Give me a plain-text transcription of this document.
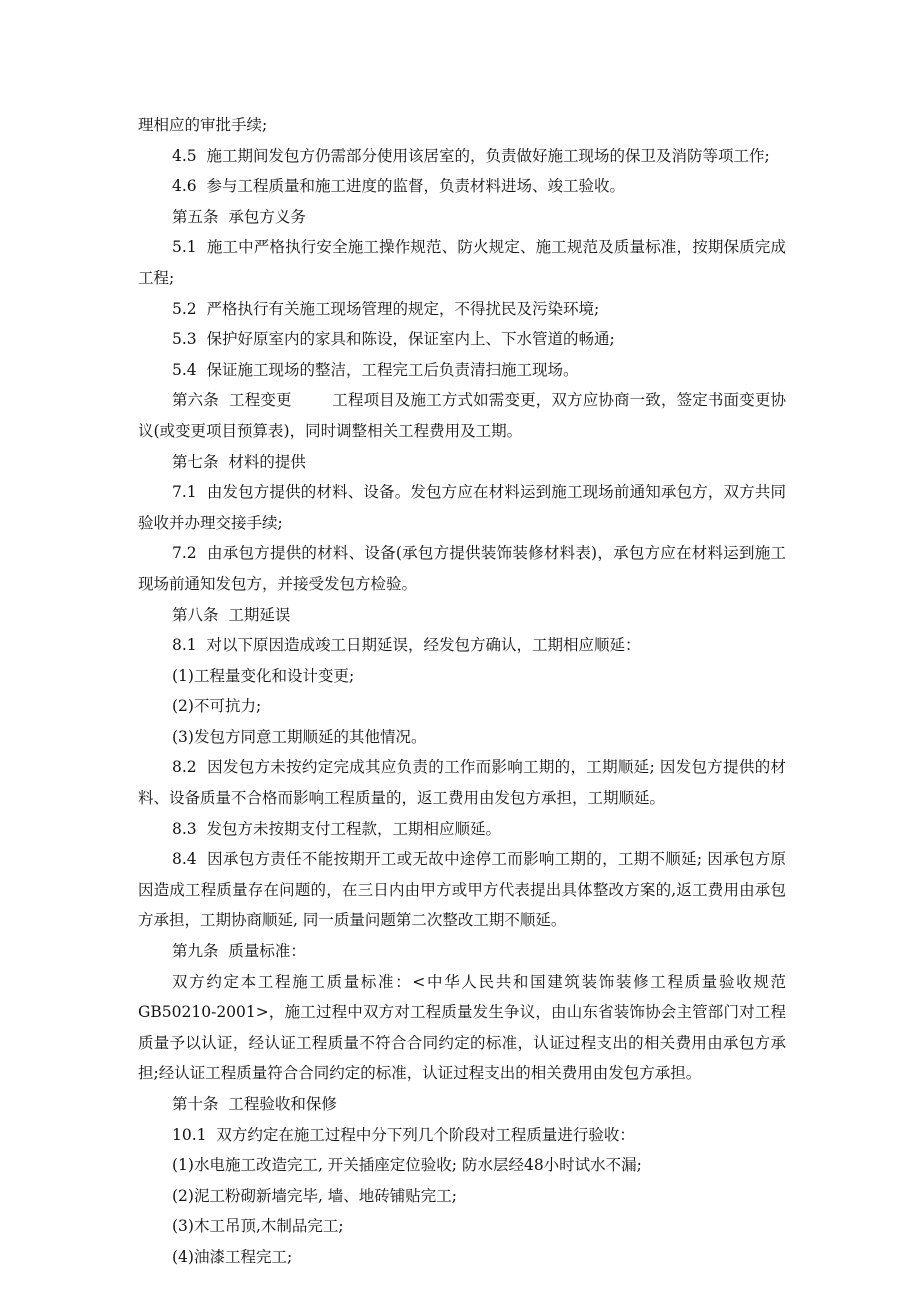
理相应的审批手续;

4.5  施工期间发包方仍需部分使用该居室的，负责做好施工现场的保卫及消防等项工作;

4.6  参与工程质量和施工进度的监督，负责材料进场、竣工验收。

第五条  承包方义务

5.1  施工中严格执行安全施工操作规范、防火规定、施工规范及质量标准，按期保质完成工程;

5.2  严格执行有关施工现场管理的规定，不得扰民及污染环境;

5.3  保护好原室内的家具和陈设，保证室内上、下水管道的畅通;

5.4  保证施工现场的整洁，工程完工后负责清扫施工现场。

第六条  工程变更        工程项目及施工方式如需变更，双方应协商一致，签定书面变更协议(或变更项目预算表)，同时调整相关工程费用及工期。

第七条  材料的提供

7.1  由发包方提供的材料、设备。发包方应在材料运到施工现场前通知承包方，双方共同验收并办理交接手续;

7.2  由承包方提供的材料、设备(承包方提供装饰装修材料表)，承包方应在材料运到施工现场前通知发包方，并接受发包方检验。

第八条  工期延误

8.1  对以下原因造成竣工日期延误，经发包方确认，工期相应顺延：

(1)工程量变化和设计变更;

(2)不可抗力;

(3)发包方同意工期顺延的其他情况。

8.2  因发包方未按约定完成其应负责的工作而影响工期的，工期顺延; 因发包方提供的材料、设备质量不合格而影响工程质量的，返工费用由发包方承担，工期顺延。

8.3  发包方未按期支付工程款，工期相应顺延。

8.4  因承包方责任不能按期开工或无故中途停工而影响工期的，工期不顺延; 因承包方原因造成工程质量存在问题的，在三日内由甲方或甲方代表提出具体整改方案的,返工费用由承包方承担，工期协商顺延, 同一质量问题第二次整改工期不顺延。

第九条  质量标准：

双方约定本工程施工质量标准：<中华人民共和国建筑装饰装修工程质量验收规范GB50210-2001>，施工过程中双方对工程质量发生争议，由山东省装饰协会主管部门对工程质量予以认证，经认证工程质量不符合合同约定的标准，认证过程支出的相关费用由承包方承担;经认证工程质量符合合同约定的标准，认证过程支出的相关费用由发包方承担。

第十条  工程验收和保修

10.1  双方约定在施工过程中分下列几个阶段对工程质量进行验收：

(1)水电施工改造完工, 开关插座定位验收; 防水层经48小时试水不漏;

(2)泥工粉砌新墙完毕, 墙、地砖铺贴完工;

(3)木工吊顶,木制品完工;

(4)油漆工程完工;
